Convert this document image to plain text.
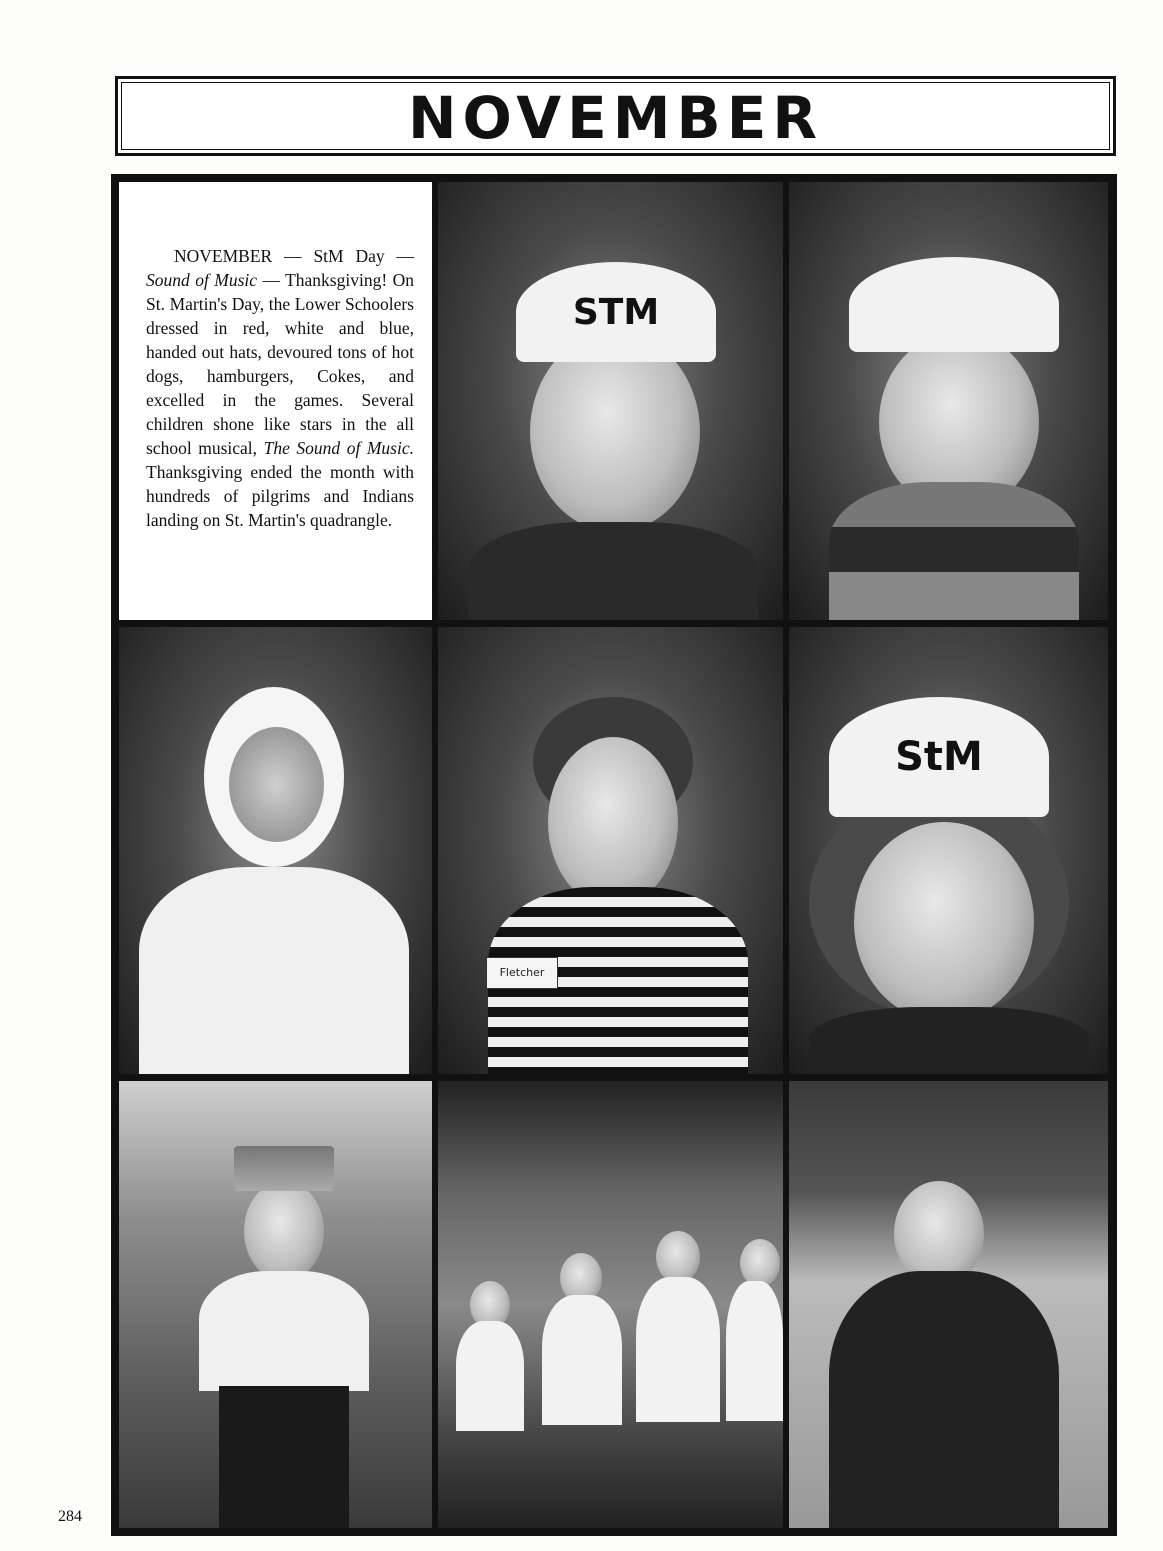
NOVEMBER

NOVEMBER — StM Day — Sound of Music — Thanksgiving! On St. Martin's Day, the Lower Schoolers dressed in red, white and blue, handed out hats, devoured tons of hot dogs, hamburgers, Cokes, and excelled in the games. Several children shone like stars in the all school musical, The Sound of Music. Thanksgiving ended the month with hundreds of pilgrims and Indians landing on St. Martin's quadrangle.

STM
Fletcher
StM
284
